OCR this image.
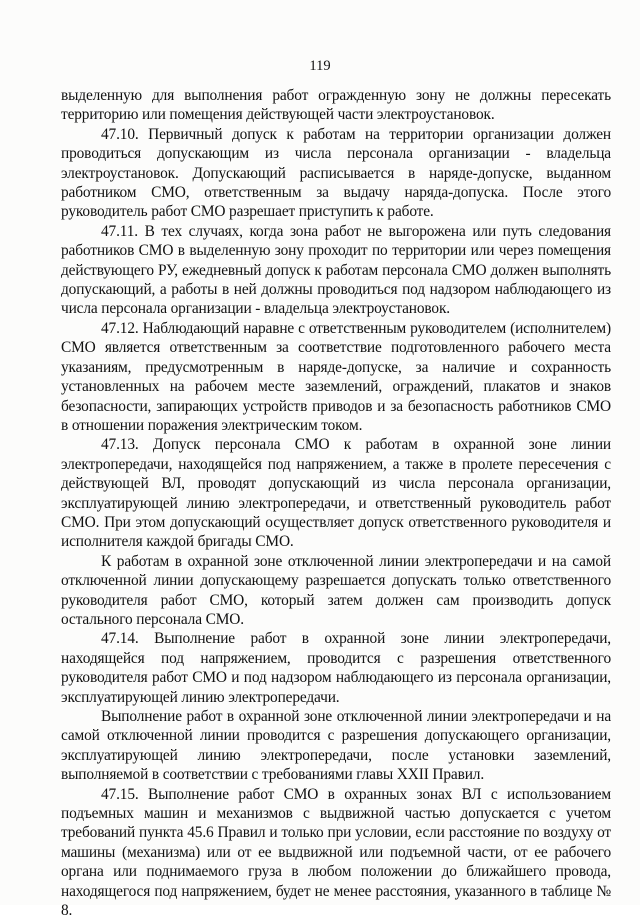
119

выделенную для выполнения работ огражденную зону не должны пересекать территорию или помещения действующей части электроустановок.

47.10. Первичный допуск к работам на территории организации должен проводиться допускающим из числа персонала организации - владельца электроустановок. Допускающий расписывается в наряде-допуске, выданном работником СМО, ответственным за выдачу наряда-допуска. После этого руководитель работ СМО разрешает приступить к работе.

47.11. В тех случаях, когда зона работ не выгорожена или путь следования работников СМО в выделенную зону проходит по территории или через помещения действующего РУ, ежедневный допуск к работам персонала СМО должен выполнять допускающий, а работы в ней должны проводиться под надзором наблюдающего из числа персонала организации - владельца электроустановок.

47.12. Наблюдающий наравне с ответственным руководителем (исполнителем) СМО является ответственным за соответствие подготовленного рабочего места указаниям, предусмотренным в наряде-допуске, за наличие и сохранность установленных на рабочем месте заземлений, ограждений, плакатов и знаков безопасности, запирающих устройств приводов и за безопасность работников СМО в отношении поражения электрическим током.

47.13. Допуск персонала СМО к работам в охранной зоне линии электропередачи, находящейся под напряжением, а также в пролете пересечения с действующей ВЛ, проводят допускающий из числа персонала организации, эксплуатирующей линию электропередачи, и ответственный руководитель работ СМО. При этом допускающий осуществляет допуск ответственного руководителя и исполнителя каждой бригады СМО.

К работам в охранной зоне отключенной линии электропередачи и на самой отключенной линии допускающему разрешается допускать только ответственного руководителя работ СМО, который затем должен сам производить допуск остального персонала СМО.

47.14. Выполнение работ в охранной зоне линии электропередачи, находящейся под напряжением, проводится с разрешения ответственного руководителя работ СМО и под надзором наблюдающего из персонала организации, эксплуатирующей линию электропередачи.

Выполнение работ в охранной зоне отключенной линии электропередачи и на самой отключенной линии проводится с разрешения допускающего организации, эксплуатирующей линию электропередачи, после установки заземлений, выполняемой в соответствии с требованиями главы XXII Правил.

47.15. Выполнение работ СМО в охранных зонах ВЛ с использованием подъемных машин и механизмов с выдвижной частью допускается с учетом требований пункта 45.6 Правил и только при условии, если расстояние по воздуху от машины (механизма) или от ее выдвижной или подъемной части, от ее рабочего органа или поднимаемого груза в любом положении до ближайшего провода, находящегося под напряжением, будет не менее расстояния, указанного в таблице № 8.
